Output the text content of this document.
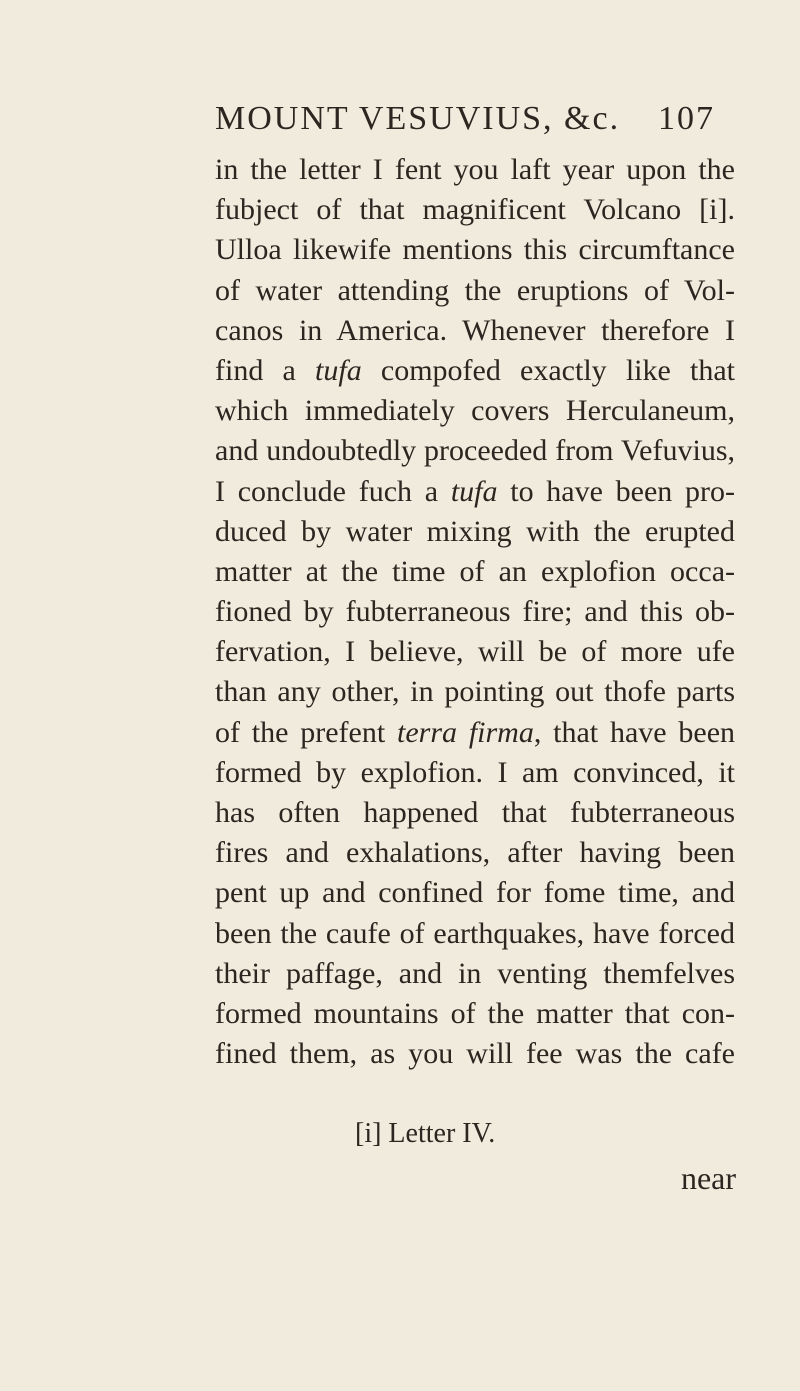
MOUNT VESUVIUS, &c. 107
in the letter I fent you laft year upon the
fubject of that magnificent Volcano [i].
Ulloa likewife mentions this circumftance
of water attending the eruptions of Vol-
canos in America. Whenever therefore I
find a tufa compofed exactly like that
which immediately covers Herculaneum,
and undoubtedly proceeded from Vefuvius,
I conclude fuch a tufa to have been pro-
duced by water mixing with the erupted
matter at the time of an explofion occa-
fioned by fubterraneous fire; and this ob-
fervation, I believe, will be of more ufe
than any other, in pointing out thofe parts
of the prefent terra firma, that have been
formed by explofion. I am convinced, it
has often happened that fubterraneous
fires and exhalations, after having been
pent up and confined for fome time, and
been the caufe of earthquakes, have forced
their paffage, and in venting themfelves
formed mountains of the matter that con-
fined them, as you will fee was the cafe
[i] Letter IV.
near
